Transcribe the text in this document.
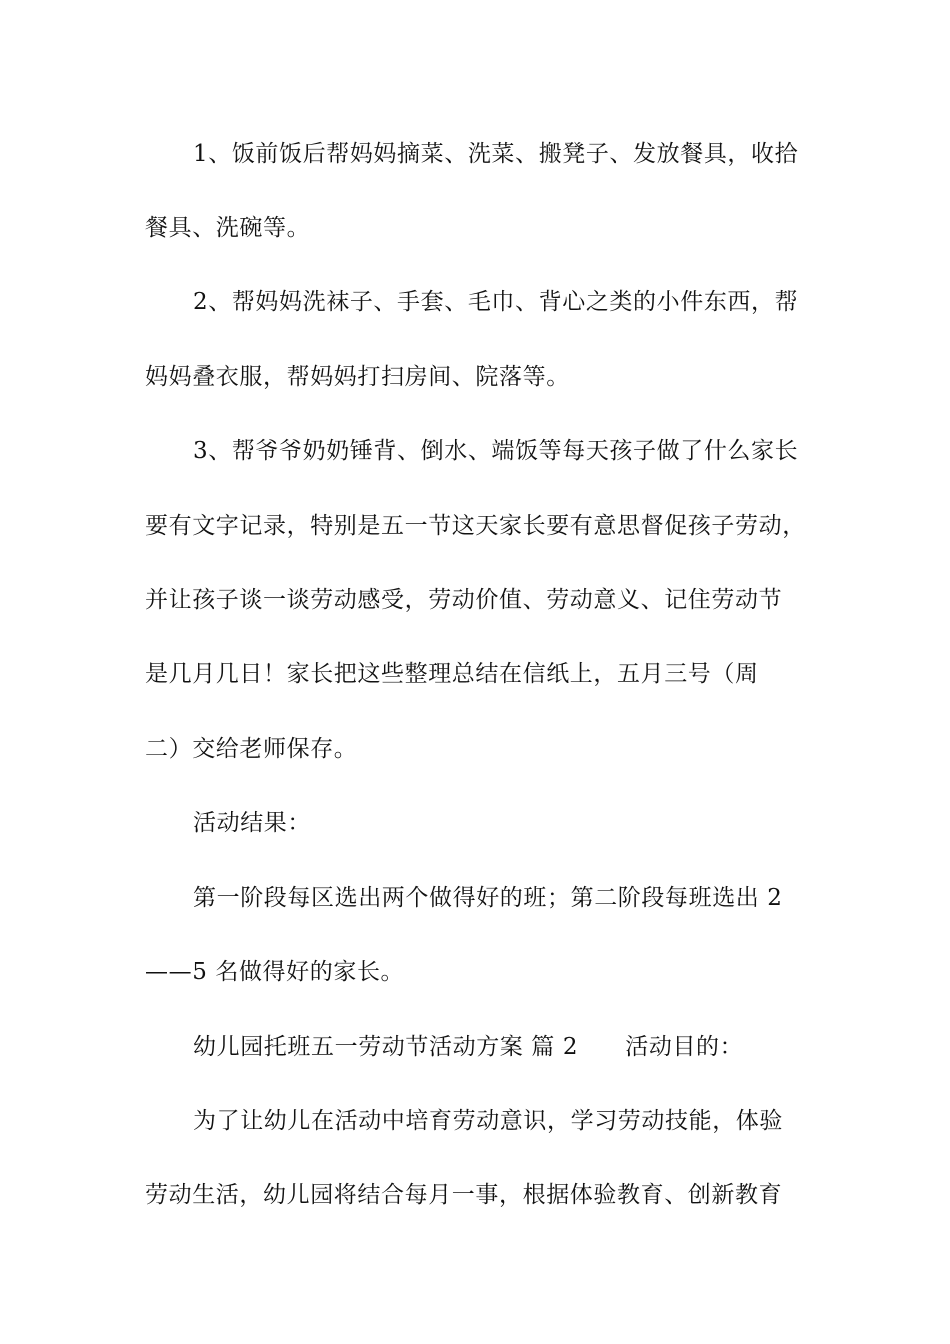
1、饭前饭后帮妈妈摘菜、洗菜、搬凳子、发放餐具，收拾
餐具、洗碗等。
2、帮妈妈洗袜子、手套、毛巾、背心之类的小件东西，帮
妈妈叠衣服，帮妈妈打扫房间、院落等。
3、帮爷爷奶奶锤背、倒水、端饭等每天孩子做了什么家长
要有文字记录，特别是五一节这天家长要有意思督促孩子劳动，
并让孩子谈一谈劳动感受，劳动价值、劳动意义、记住劳动节
是几月几日！家长把这些整理总结在信纸上，五月三号（周
二）交给老师保存。
活动结果：
第一阶段每区选出两个做得好的班；第二阶段每班选出 2
——5 名做得好的家长。
幼儿园托班五一劳动节活动方案 篇 2　　活动目的：
为了让幼儿在活动中培育劳动意识，学习劳动技能，体验
劳动生活，幼儿园将结合每月一事，根据体验教育、创新教育
